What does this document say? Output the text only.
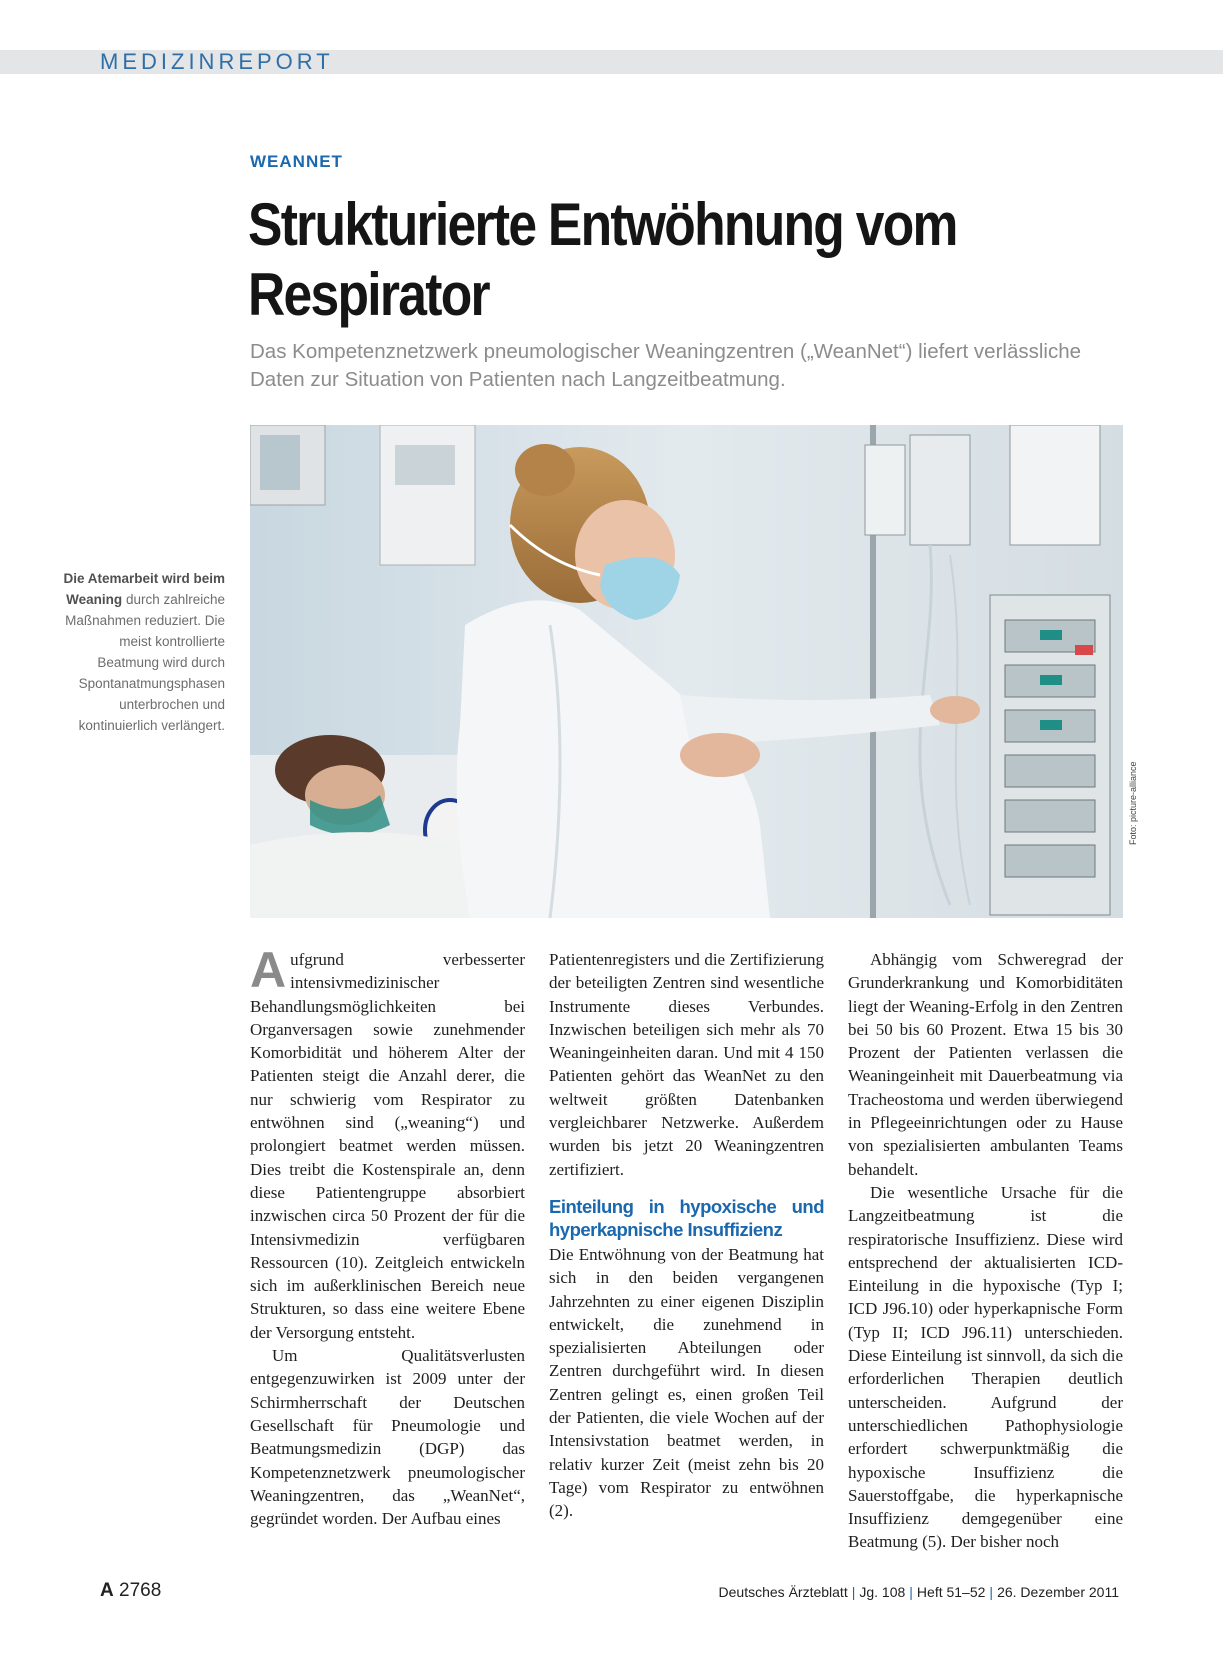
MEDIZINREPORT
WEANNET
Strukturierte Entwöhnung vom Respirator
Das Kompetenznetzwerk pneumologischer Weaningzentren („WeanNet“) liefert verlässliche Daten zur Situation von Patienten nach Langzeitbeatmung.
Die Atemarbeit wird beim Weaning durch zahlreiche Maßnahmen reduziert. Die meist kontrollierte Beatmung wird durch Spontanatmungsphasen unterbrochen und kontinuierlich verlängert.
Foto: picture-alliance

Aufgrund verbesserter intensivmedizinischer Behandlungsmöglichkeiten bei Organversagen sowie zunehmender Komorbidität und höherem Alter der Patienten steigt die Anzahl derer, die nur schwierig vom Respirator zu entwöhnen sind („weaning“) und prolongiert beatmet werden müssen. Dies treibt die Kostenspirale an, denn diese Patientengruppe absorbiert inzwischen circa 50 Prozent der für die Intensivmedizin verfügbaren Ressourcen (10). Zeitgleich entwickeln sich im außerklinischen Bereich neue Strukturen, so dass eine weitere Ebene der Versorgung entsteht.

Um Qualitätsverlusten entgegenzuwirken ist 2009 unter der Schirmherrschaft der Deutschen Gesellschaft für Pneumologie und Beatmungsmedizin (DGP) das Kompetenznetzwerk pneumologischer Weaningzentren, das „WeanNet“, gegründet worden. Der Aufbau eines

Patientenregisters und die Zertifizierung der beteiligten Zentren sind wesentliche Instrumente dieses Verbundes. Inzwischen beteiligen sich mehr als 70 Weaningeinheiten daran. Und mit 4 150 Patienten gehört das WeanNet zu den weltweit größten Datenbanken vergleichbarer Netzwerke. Außerdem wurden bis jetzt 20 Weaningzentren zertifiziert.

Einteilung in hypoxische und hyperkapnische Insuffizienz

Die Entwöhnung von der Beatmung hat sich in den beiden vergangenen Jahrzehnten zu einer eigenen Disziplin entwickelt, die zunehmend in spezialisierten Abteilungen oder Zentren durchgeführt wird. In diesen Zentren gelingt es, einen großen Teil der Patienten, die viele Wochen auf der Intensivstation beatmet werden, in relativ kurzer Zeit (meist zehn bis 20 Tage) vom Respirator zu entwöhnen (2).

Abhängig vom Schweregrad der Grunderkrankung und Komorbiditäten liegt der Weaning-Erfolg in den Zentren bei 50 bis 60 Prozent. Etwa 15 bis 30 Prozent der Patienten verlassen die Weaningeinheit mit Dauerbeatmung via Tracheostoma und werden überwiegend in Pflegeeinrichtungen oder zu Hause von spezialisierten ambulanten Teams behandelt.

Die wesentliche Ursache für die Langzeitbeatmung ist die respiratorische Insuffizienz. Diese wird entsprechend der aktualisierten ICD-Einteilung in die hypoxische (Typ I; ICD J96.10) oder hyperkapnische Form (Typ II; ICD J96.11) unterschieden. Diese Einteilung ist sinnvoll, da sich die erforderlichen Therapien deutlich unterscheiden. Aufgrund der unterschiedlichen Pathophysiologie erfordert schwerpunktmäßig die hypoxische Insuffizienz die Sauerstoffgabe, die hyperkapnische Insuffizienz demgegenüber eine Beatmung (5). Der bisher noch

A 2768	Deutsches Ärzteblatt | Jg. 108 | Heft 51–52 | 26. Dezember 2011
